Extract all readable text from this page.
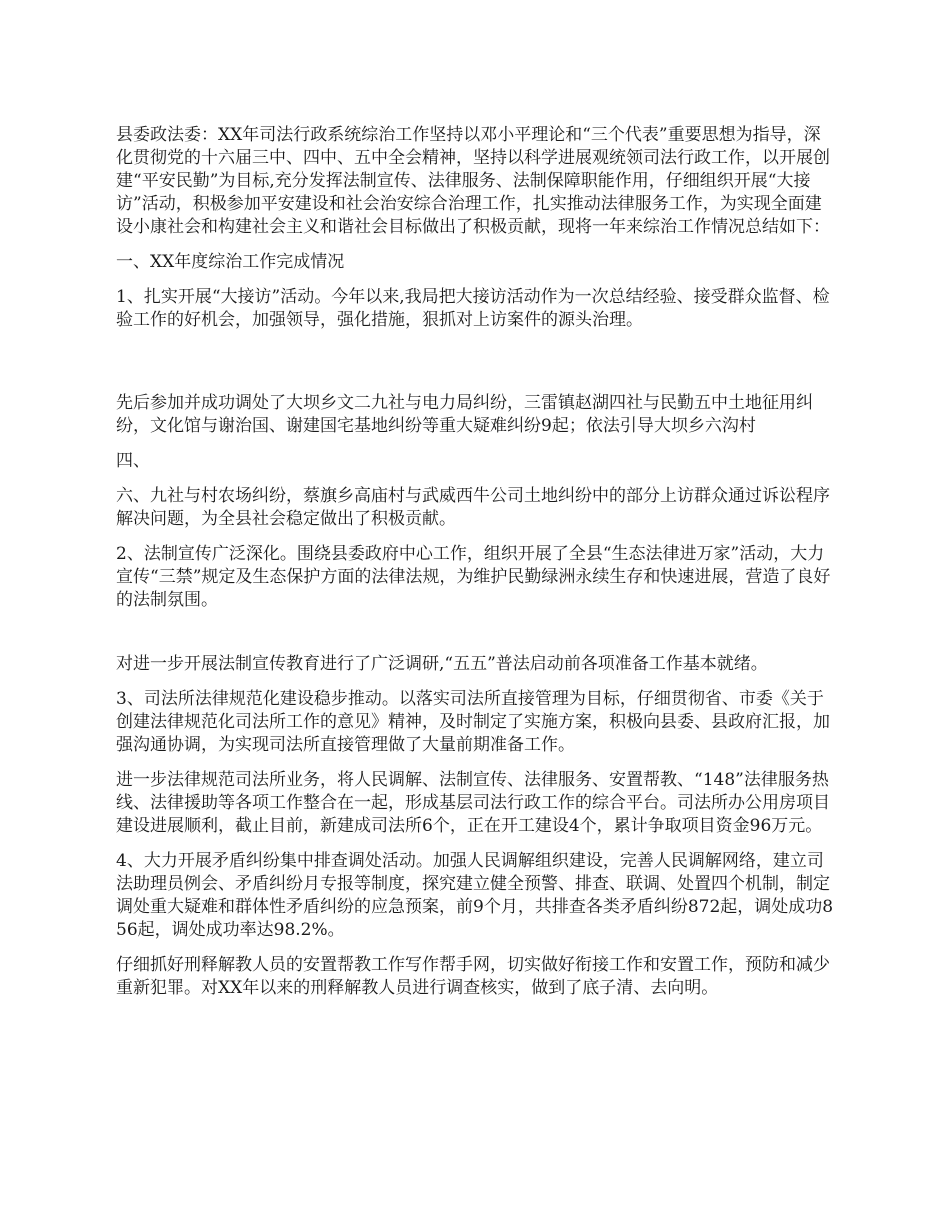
县委政法委：XX年司法行政系统综治工作坚持以邓小平理论和“三个代表”重要思想为指导，深化贯彻党的十六届三中、四中、五中全会精神，坚持以科学进展观统领司法行政工作，以开展创建“平安民勤”为目标,充分发挥法制宣传、法律服务、法制保障职能作用，仔细组织开展“大接访”活动，积极参加平安建设和社会治安综合治理工作，扎实推动法律服务工作，为实现全面建设小康社会和构建社会主义和谐社会目标做出了积极贡献，现将一年来综治工作情况总结如下：

一、XX年度综治工作完成情况

1、扎实开展“大接访”活动。今年以来,我局把大接访活动作为一次总结经验、接受群众监督、检验工作的好机会，加强领导，强化措施，狠抓对上访案件的源头治理。

先后参加并成功调处了大坝乡文二九社与电力局纠纷，三雷镇赵湖四社与民勤五中土地征用纠纷，文化馆与谢治国、谢建国宅基地纠纷等重大疑难纠纷9起；依法引导大坝乡六沟村

四、

六、九社与村农场纠纷，蔡旗乡高庙村与武威西牛公司土地纠纷中的部分上访群众通过诉讼程序解决问题，为全县社会稳定做出了积极贡献。

2、法制宣传广泛深化。围绕县委政府中心工作，组织开展了全县“生态法律进万家”活动，大力宣传“三禁”规定及生态保护方面的法律法规，为维护民勤绿洲永续生存和快速进展，营造了良好的法制氛围。

对进一步开展法制宣传教育进行了广泛调研,“五五”普法启动前各项准备工作基本就绪。

3、司法所法律规范化建设稳步推动。以落实司法所直接管理为目标，仔细贯彻省、市委《关于创建法律规范化司法所工作的意见》精神，及时制定了实施方案，积极向县委、县政府汇报，加强沟通协调，为实现司法所直接管理做了大量前期准备工作。

进一步法律规范司法所业务，将人民调解、法制宣传、法律服务、安置帮教、“148”法律服务热线、法律援助等各项工作整合在一起，形成基层司法行政工作的综合平台。司法所办公用房项目建设进展顺利，截止目前，新建成司法所6个，正在开工建设4个，累计争取项目资金96万元。

4、大力开展矛盾纠纷集中排查调处活动。加强人民调解组织建设，完善人民调解网络，建立司法助理员例会、矛盾纠纷月专报等制度，探究建立健全预警、排查、联调、处置四个机制，制定调处重大疑难和群体性矛盾纠纷的应急预案，前9个月，共排查各类矛盾纠纷872起，调处成功856起，调处成功率达98.2%。

仔细抓好刑释解教人员的安置帮教工作写作帮手网，切实做好衔接工作和安置工作，预防和减少重新犯罪。对XX年以来的刑释解教人员进行调查核实，做到了底子清、去向明。
